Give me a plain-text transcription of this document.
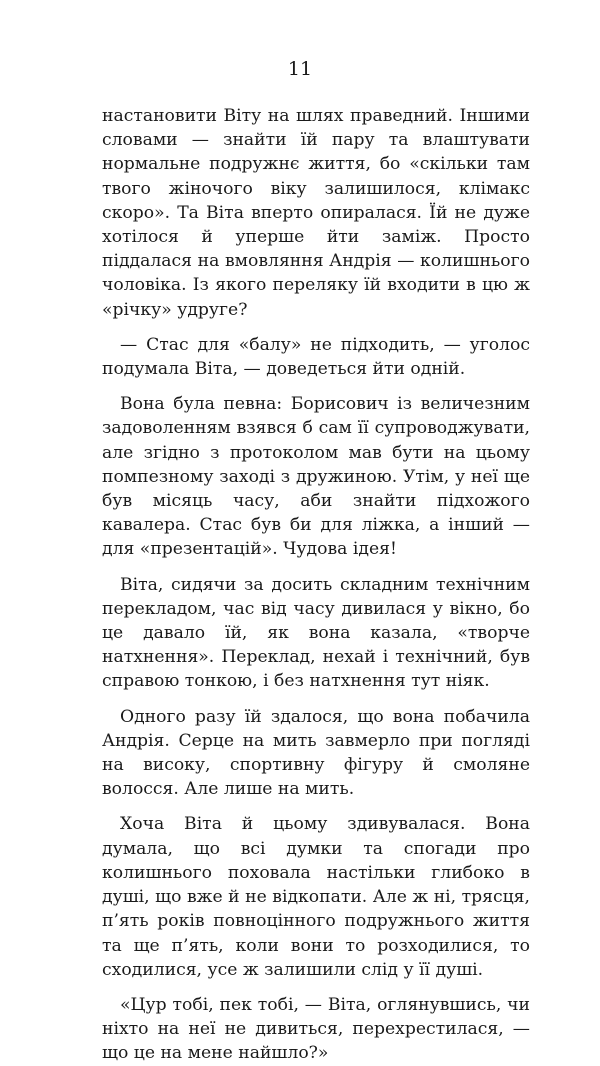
11

настановити Віту на шлях праведний. Іншими словами — знайти їй пару та влаштувати нормальне подружнє життя, бо «скільки там твого жіночого віку залишилося, клімакс скоро». Та Віта вперто опиралася. Їй не дуже хотілося й уперше йти заміж. Просто піддалася на вмовляння Андрія — колишнього чоловіка. Із якого переляку їй входити в цю ж «річку» удруге?

— Стас для «балу» не підходить, — уголос подумала Віта, — доведеться йти одній.

Вона була певна: Борисович із величезним задоволенням взявся б сам її супроводжувати, але згідно з протоколом мав бути на цьому помпезному заході з дружиною. Утім, у неї ще був місяць часу, аби знайти підхожого кавалера. Стас був би для ліжка, а інший — для «презентацій». Чудова ідея!

Віта, сидячи за досить складним технічним перекладом, час від часу дивилася у вікно, бо це давало їй, як вона казала, «творче натхнення». Переклад, нехай і технічний, був справою тонкою, і без натхнення тут ніяк.

Одного разу їй здалося, що вона побачила Андрія. Серце на мить завмерло при погляді на високу, спортивну фігуру й смоляне волосся. Але лише на мить.

Хоча Віта й цьому здивувалася. Вона думала, що всі думки та спогади про колишнього поховала настільки глибоко в душі, що вже й не відкопати. Але ж ні, трясця, п’ять років повноцінного подружнього життя та ще п’ять, коли вони то розходилися, то сходилися, усе ж залишили слід у її душі.

«Цур тобі, пек тобі, — Віта, оглянувшись, чи ніхто на неї не дивиться, перехрестилася, — що це на мене найшло?»
